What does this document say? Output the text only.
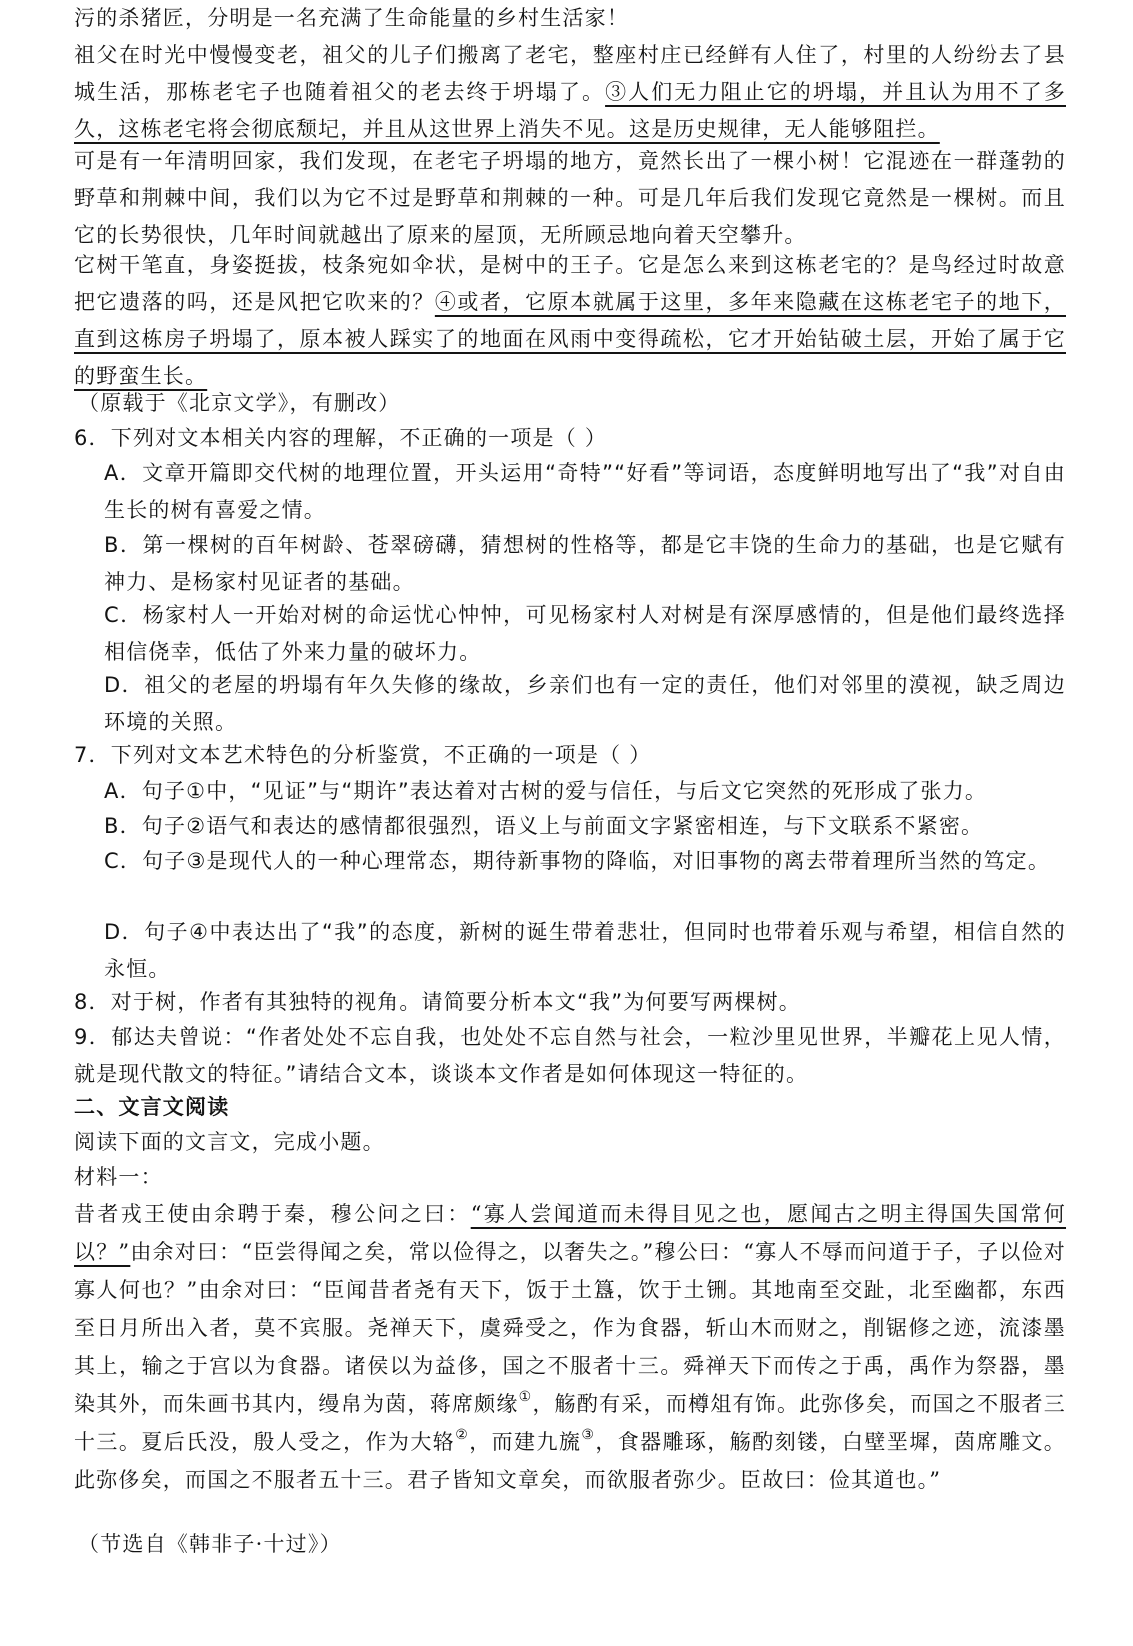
污的杀猪匠，分明是一名充满了生命能量的乡村生活家！

祖父在时光中慢慢变老，祖父的儿子们搬离了老宅，整座村庄已经鲜有人住了，村里的人纷纷去了县城生活，那栋老宅子也随着祖父的老去终于坍塌了。③人们无力阻止它的坍塌，并且认为用不了多久，这栋老宅将会彻底颓圮，并且从这世界上消失不见。这是历史规律，无人能够阻拦。

可是有一年清明回家，我们发现，在老宅子坍塌的地方，竟然长出了一棵小树！它混迹在一群蓬勃的野草和荆棘中间，我们以为它不过是野草和荆棘的一种。可是几年后我们发现它竟然是一棵树。而且它的长势很快，几年时间就越出了原来的屋顶，无所顾忌地向着天空攀升。

它树干笔直，身姿挺拔，枝条宛如伞状，是树中的王子。它是怎么来到这栋老宅的？是鸟经过时故意把它遗落的吗，还是风把它吹来的？④或者，它原本就属于这里，多年来隐藏在这栋老宅子的地下，直到这栋房子坍塌了，原本被人踩实了的地面在风雨中变得疏松，它才开始钻破土层，开始了属于它的野蛮生长。

（原载于《北京文学》，有删改）

6．下列对文本相关内容的理解，不正确的一项是（ ）

A．文章开篇即交代树的地理位置，开头运用“奇特”“好看”等词语，态度鲜明地写出了“我”对自由生长的树有喜爱之情。

B．第一棵树的百年树龄、苍翠磅礴，猜想树的性格等，都是它丰饶的生命力的基础，也是它赋有神力、是杨家村见证者的基础。

C．杨家村人一开始对树的命运忧心忡忡，可见杨家村人对树是有深厚感情的，但是他们最终选择相信侥幸，低估了外来力量的破坏力。

D．祖父的老屋的坍塌有年久失修的缘故，乡亲们也有一定的责任，他们对邻里的漠视，缺乏周边环境的关照。

7．下列对文本艺术特色的分析鉴赏，不正确的一项是（ ）

A．句子①中，“见证”与“期许”表达着对古树的爱与信任，与后文它突然的死形成了张力。

B．句子②语气和表达的感情都很强烈，语义上与前面文字紧密相连，与下文联系不紧密。

C．句子③是现代人的一种心理常态，期待新事物的降临，对旧事物的离去带着理所当然的笃定。

D．句子④中表达出了“我”的态度，新树的诞生带着悲壮，但同时也带着乐观与希望，相信自然的永恒。

8．对于树，作者有其独特的视角。请简要分析本文“我”为何要写两棵树。

9．郁达夫曾说：“作者处处不忘自我，也处处不忘自然与社会，一粒沙里见世界，半瓣花上见人情，就是现代散文的特征。”请结合文本，谈谈本文作者是如何体现这一特征的。

二、文言文阅读

阅读下面的文言文，完成小题。

材料一：

昔者戎王使由余聘于秦，穆公问之曰：“寡人尝闻道而未得目见之也，愿闻古之明主得国失国常何以？”由余对曰：“臣尝得闻之矣，常以俭得之，以奢失之。”穆公曰：“寡人不辱而问道于子，子以俭对寡人何也？”由余对曰：“臣闻昔者尧有天下，饭于土簋，饮于土铏。其地南至交趾，北至幽都，东西至日月所出入者，莫不宾服。尧禅天下，虞舜受之，作为食器，斩山木而财之，削锯修之迹，流漆墨其上，输之于宫以为食器。诸侯以为益侈，国之不服者十三。舜禅天下而传之于禹，禹作为祭器，墨染其外，而朱画书其内，缦帛为茵，蒋席颇缘①，觞酌有采，而樽俎有饰。此弥侈矣，而国之不服者三十三。夏后氏没，殷人受之，作为大辂②，而建九旒③，食器雕琢，觞酌刻镂，白壁垩墀，茵席雕文。此弥侈矣，而国之不服者五十三。君子皆知文章矣，而欲服者弥少。臣故曰：俭其道也。”

（节选自《韩非子·十过》）
